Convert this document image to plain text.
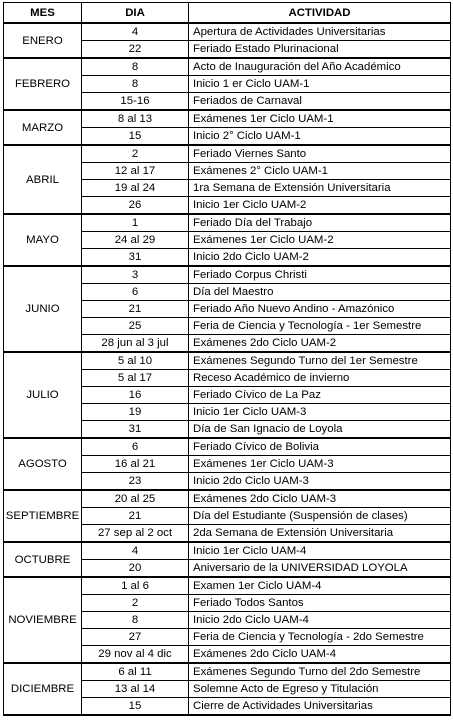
MES	DIA	ACTIVIDAD
ENERO	4	Apertura de Actividades Universitarias
	22	Feriado Estado Plurinacional
FEBRERO	8	Acto de Inauguración del Año Académico
	8	Inicio 1 er Ciclo UAM-1
	15-16	Feriados de Carnaval
MARZO	8 al 13	Exámenes 1er Ciclo UAM-1
	15	Inicio 2° Ciclo UAM-1
ABRIL	2	Feriado Viernes Santo
	12 al 17	Exámenes 2° Ciclo UAM-1
	19 al 24	1ra Semana de Extensión Universitaria
	26	Inicio 1er Ciclo UAM-2
MAYO	1	Feriado Día del Trabajo
	24 al 29	Exámenes 1er Ciclo UAM-2
	31	Inicio 2do Ciclo UAM-2
JUNIO	3	Feriado Corpus Christi
	6	Día del Maestro
	21	Feriado Año Nuevo Andino - Amazónico
	25	Feria de Ciencia y Tecnología - 1er Semestre
	28 jun al 3 jul	Exámenes 2do Ciclo UAM-2
JULIO	5 al 10	Exámenes Segundo Turno del 1er Semestre
	5 al 17	Receso Académico de invierno
	16	Feriado Cívico de La Paz
	19	Inicio 1er Ciclo UAM-3
	31	Día de San Ignacio de Loyola
AGOSTO	6	Feriado Cívico de Bolivia
	16 al 21	Exámenes 1er Ciclo UAM-3
	23	Inicio 2do Ciclo UAM-3
SEPTIEMBRE	20 al 25	Exámenes 2do Ciclo UAM-3
	21	Día del Estudiante (Suspensión de clases)
	27 sep al 2 oct	2da Semana de Extensión Universitaria
OCTUBRE	4	Inicio 1er Ciclo UAM-4
	20	Aniversario de la UNIVERSIDAD LOYOLA
NOVIEMBRE	1 al 6	Examen 1er Ciclo UAM-4
	2	Feriado Todos Santos
	8	Inicio 2do Ciclo UAM-4
	27	Feria de Ciencia y Tecnología - 2do Semestre
	29 nov al 4 dic	Exámenes 2do Ciclo UAM-4
DICIEMBRE	6 al 11	Exámenes Segundo Turno del 2do Semestre
	13 al 14	Solemne Acto de Egreso y Titulación
	15	Cierre de Actividades Universitarias
